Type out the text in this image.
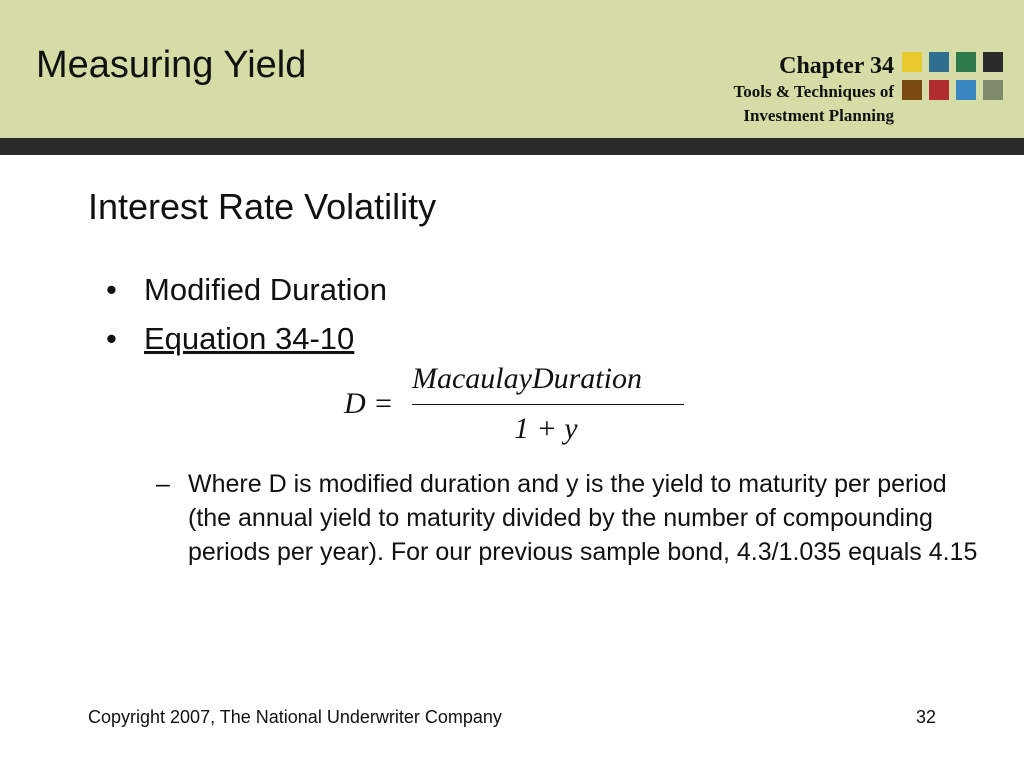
Measuring Yield	Chapter 34
Tools & Techniques of
Investment Planning
Interest Rate Volatility
• Modified Duration
• Equation 34-10
D =
MacaulayDuration
1 + y
– Where D is modified duration and y is the yield to maturity per period (the annual yield to maturity divided by the number of compounding periods per year). For our previous sample bond, 4.3/1.035 equals 4.15
Copyright 2007, The National Underwriter Company	32
